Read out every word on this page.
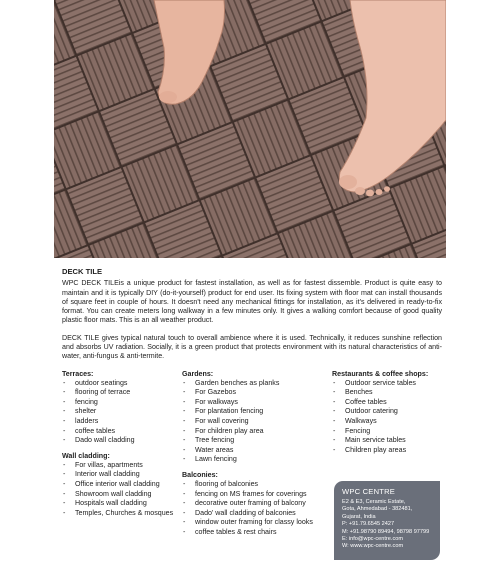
DECK TILE

WPC DECK TILEis a unique product for fastest installation, as well as for fastest dissemble. Product is quite easy to maintain and it is typically DIY (do-it-yourself) product for end user. Its fixing system with floor mat can install thousands of square feet in couple of hours. It doesn't need any mechanical fittings for installation, as it's delivered in ready-to-fix format. You can create meters long walkway in a few minutes only. It gives a walking comfort because of good quality plastic floor mats. This is an all weather product.

DECK TILE gives typical natural touch to overall ambience where it is used. Technically, it reduces sunshine reflection and absorbs UV radiation. Socially, it is a green product that protects environment with its natural characteristics of anti-water, anti-fungus & anti-termite.

Terraces:
- outdoor seatings
- flooring of terrace
- fencing
- shelter
- ladders
- coffee tables
- Dado wall cladding
Wall cladding:
- For villas, apartments
- Interior wall cladding
- Office interior wall cladding
- Showroom wall cladding
- Hospitals wall cladding
- Temples, Churches & mosques
Gardens:
- Garden benches as planks
- For Gazebos
- For walkways
- For plantation fencing
- For wall covering
- For children play area
- Tree fencing
- Water areas
- Lawn fencing
Balconies:
- flooring of balconies
- fencing on MS frames for coverings
- decorative outer framing of balcony
- Dado' wall cladding of balconies
- window outer framing for classy looks
- coffee tables & rest chairs
Restaurants & coffee shops:
- Outdoor service tables
- Benches
- Coffee tables
- Outdoor catering
- Walkways
- Fencing
- Main service tables
- Children play areas
WPC CENTRE
E2 & E3, Ceramic Estate,
Gota, Ahmedabad - 382481,
Gujarat, India
P: +91.79.6545 2427
M: +91.98790 89494, 98798 97799
E: info@wpc-centre.com
W: www.wpc-centre.com
